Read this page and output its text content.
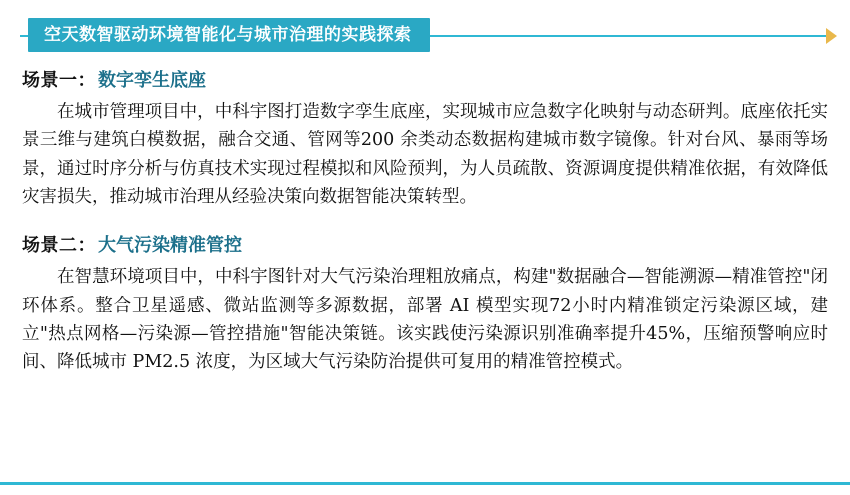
空天数智驱动环境智能化与城市治理的实践探索
场景一： 数字孪生底座
在城市管理项目中，中科宇图打造数字孪生底座，实现城市应急数字化映射与动态研判。底座依托实景三维与建筑白模数据，融合交通、管网等200 余类动态数据构建城市数字镜像。针对台风、暴雨等场景，通过时序分析与仿真技术实现过程模拟和风险预判，为人员疏散、资源调度提供精准依据，有效降低灾害损失，推动城市治理从经验决策向数据智能决策转型。
场景二： 大气污染精准管控
在智慧环境项目中，中科宇图针对大气污染治理粗放痛点，构建"数据融合—智能溯源—精准管控"闭环体系。整合卫星遥感、微站监测等多源数据，部署 AI 模型实现72小时内精准锁定污染源区域，建立"热点网格—污染源—管控措施"智能决策链。该实践使污染源识别准确率提升45%，压缩预警响应时间、降低城市 PM2.5 浓度，为区域大气污染防治提供可复用的精准管控模式。
